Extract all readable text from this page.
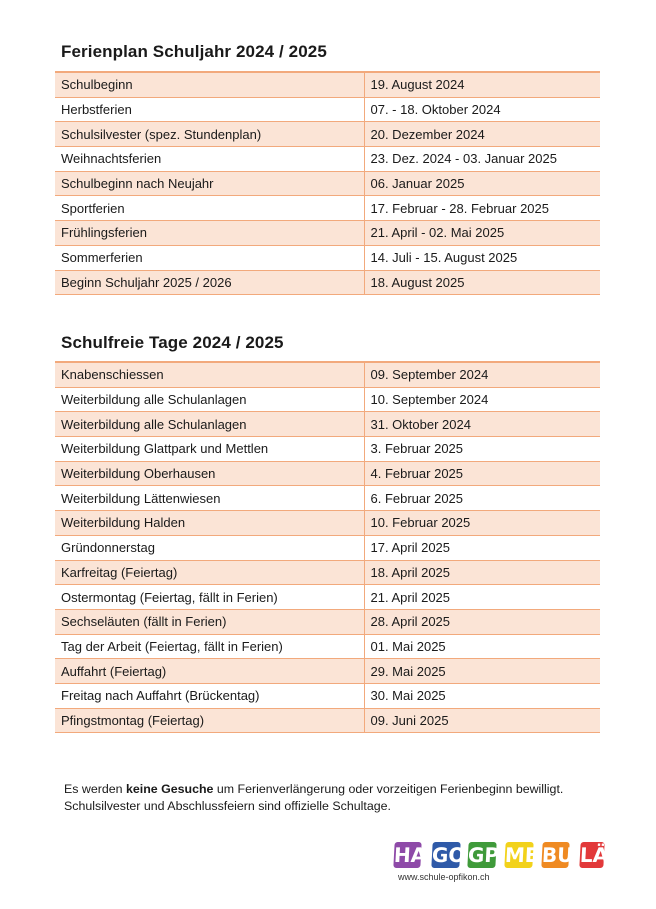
Ferienplan Schuljahr 2024 / 2025
Schulbeginn	19. August 2024
Herbstferien	07. - 18. Oktober 2024
Schulsilvester (spez. Stundenplan)	20. Dezember 2024
Weihnachtsferien	23. Dez. 2024 - 03. Januar 2025
Schulbeginn nach Neujahr	06. Januar 2025
Sportferien	17. Februar - 28. Februar 2025
Frühlingsferien	21. April - 02. Mai 2025
Sommerferien	14. Juli - 15. August 2025
Beginn Schuljahr 2025 / 2026	18. August 2025
Schulfreie Tage 2024 / 2025
Knabenschiessen	09. September 2024
Weiterbildung alle Schulanlagen	10. September 2024
Weiterbildung alle Schulanlagen	31. Oktober 2024
Weiterbildung Glattpark und Mettlen	3. Februar 2025
Weiterbildung Oberhausen	4. Februar 2025
Weiterbildung Lättenwiesen	6. Februar 2025
Weiterbildung Halden	10. Februar 2025
Gründonnerstag	17. April 2025
Karfreitag (Feiertag)	18. April 2025
Ostermontag (Feiertag, fällt in Ferien)	21. April 2025
Sechseläuten (fällt in Ferien)	28. April 2025
Tag der Arbeit (Feiertag, fällt in Ferien)	01. Mai 2025
Auffahrt (Feiertag)	29. Mai 2025
Freitag nach Auffahrt (Brückentag)	30. Mai 2025
Pfingstmontag (Feiertag)	09. Juni 2025

Es werden keine Gesuche um Ferienverlängerung oder vorzeitigen Ferienbeginn bewilligt.
Schulsilvester und Abschlussfeiern sind offizielle Schultage.

HA GO GP ME BU LÄ
www.schule-opfikon.ch
